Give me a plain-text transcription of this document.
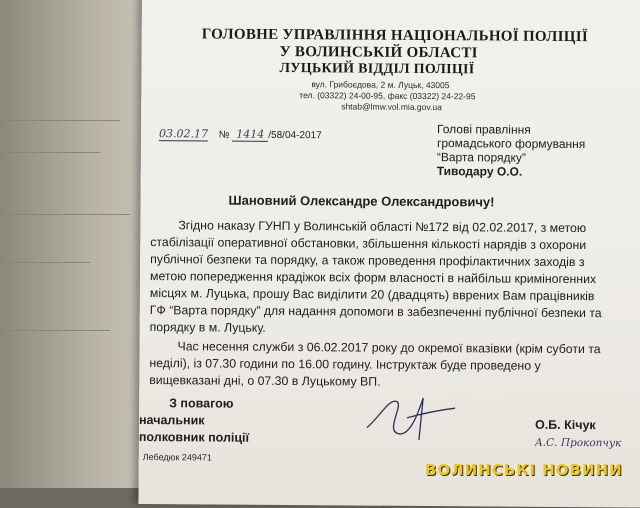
ГОЛОВНЕ УПРАВЛІННЯ НАЦІОНАЛЬНОЇ ПОЛІЦІЇ
У ВОЛИНСЬКІЙ ОБЛАСТІ
ЛУЦЬКИЙ ВІДДІЛ ПОЛІЦІЇ
вул. Грибоєдова, 2 м. Луцьк, 43005
тел. (03322) 24-00-95, факс (03322) 24-22-95
shtab@lmw.vol.mia.gov.ua
03.02.17 № 1414 /58/04-2017	Голові правління
громадського формування
“Варта порядку”
Тиводару О.О.
Шановний Олександре Олександровичу!
Згідно наказу ГУНП у Волинській області №172 від 02.02.2017, з метою
стабілізації оперативної обстановки, збільшення кількості нарядів з охорони
публічної безпеки та порядку, а також проведення профілактичних заходів з
метою попередження крадіжок всіх форм власності в найбільш криміногенних
місцях м. Луцька, прошу Вас виділити 20 (двадцять) вврених Вам працівників
ГФ “Варта порядку” для надання допомоги в забезпеченні публічної безпеки та
порядку в м. Луцьку.
Час несення служби з 06.02.2017 року до окремої вказівки (крім суботи та
неділі), із 07.30 години по 16.00 годину. Інструктаж буде проведено у
вищевказані дні, о 07.30 в Луцькому ВП.
З повагою
начальник
полковник поліції
О.Б. Кічук
А.С. Прокопчук
Лебедюк 249471
ВОЛИНСЬКІ НОВИНИ
